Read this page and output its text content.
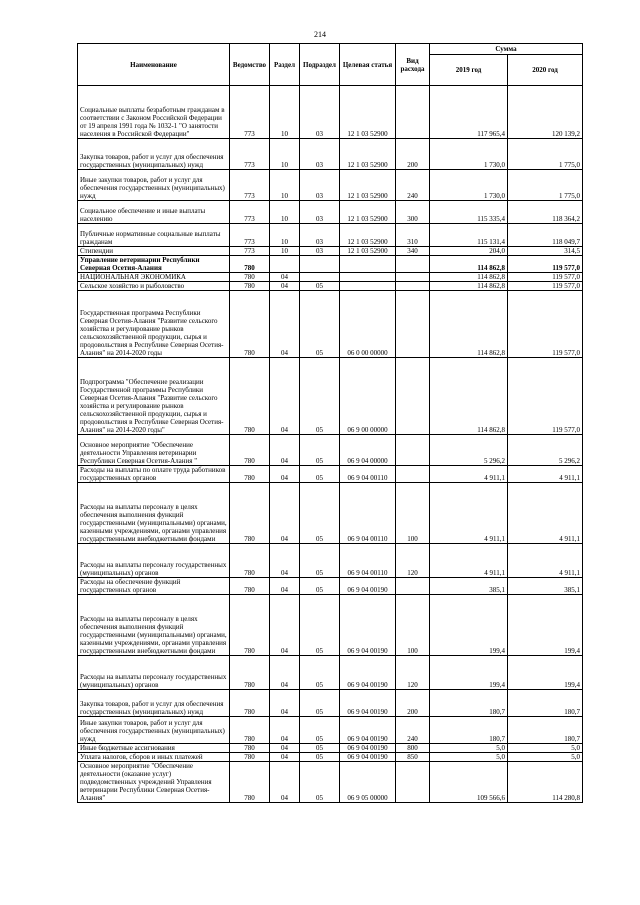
214
Наименование	Ведомство	Раздел	Подраздел	Целевая статья	Вид расхода	Сумма	
						2019 год	2020 год
Социальные выплаты безработным гражданам в соответствии с Законом Российской Федерации от 19 апреля 1991 года № 1032-1 "О занятости населения в Российской Федерации"	773	10	03	12 1 03 52900		117 965,4	120 139,2
Закупка товаров, работ и услуг для обеспечения государственных (муниципальных) нужд	773	10	03	12 1 03 52900	200	1 730,0	1 775,0
Иные закупки товаров, работ и услуг для обеспечения государственных (муниципальных) нужд	773	10	03	12 1 03 52900	240	1 730,0	1 775,0
Социальное обеспечение и иные выплаты населению	773	10	03	12 1 03 52900	300	115 335,4	118 364,2
Публичные нормативные социальные выплаты гражданам	773	10	03	12 1 03 52900	310	115 131,4	118 049,7
Стипендии	773	10	03	12 1 03 52900	340	204,0	314,5
Управление ветеринарии Республики Северная Осетия-Алания	780					114 862,8	119 577,0
НАЦИОНАЛЬНАЯ ЭКОНОМИКА	780	04				114 862,8	119 577,0
Сельское хозяйство и рыболовство	780	04	05			114 862,8	119 577,0
Государственная программа Республики Северная Осетия-Алания "Развитие сельского хозяйства и регулирование рынков сельскохозяйственной продукции, сырья и продовольствия в Республике Северная Осетия-Алания" на 2014-2020 годы	780	04	05	06 0 00 00000		114 862,8	119 577,0
Подпрограмма "Обеспечение реализации Государственной программы Республики Северная Осетия-Алания "Развитие сельского хозяйства и регулирование рынков сельскохозяйственной продукции, сырья и продовольствия в Республике Северная Осетия-Алания" на 2014-2020 годы"	780	04	05	06 9 00 00000		114 862,8	119 577,0
Основное мероприятие "Обеспечение деятельности Управления ветеринарии Республики Северная Осетия-Алания "	780	04	05	06 9 04 00000		5 296,2	5 296,2
Расходы на выплаты по оплате труда работников государственных органов	780	04	05	06 9 04 00110		4 911,1	4 911,1
Расходы на выплаты персоналу в целях обеспечения выполнения функций государственными (муниципальными) органами, казенными учреждениями, органами управления государственными внебюджетными фондами	780	04	05	06 9 04 00110	100	4 911,1	4 911,1
Расходы на выплаты персоналу государственных (муниципальных) органов	780	04	05	06 9 04 00110	120	4 911,1	4 911,1
Расходы на обеспечение функций государственных органов	780	04	05	06 9 04 00190		385,1	385,1
Расходы на выплаты персоналу в целях обеспечения выполнения функций государственными (муниципальными) органами, казенными учреждениями, органами управления государственными внебюджетными фондами	780	04	05	06 9 04 00190	100	199,4	199,4
Расходы на выплаты персоналу государственных (муниципальных) органов	780	04	05	06 9 04 00190	120	199,4	199,4
Закупка товаров, работ и услуг для обеспечения государственных (муниципальных) нужд	780	04	05	06 9 04 00190	200	180,7	180,7
Иные закупки товаров, работ и услуг для обеспечения государственных (муниципальных) нужд	780	04	05	06 9 04 00190	240	180,7	180,7
Иные бюджетные ассигнования	780	04	05	06 9 04 00190	800	5,0	5,0
Уплата налогов, сборов и иных платежей	780	04	05	06 9 04 00190	850	5,0	5,0
Основное мероприятие "Обеспечение деятельности (оказание услуг) подведомственных учреждений Управления ветеринарии Республики Северная Осетия-Алания"	780	04	05	06 9 05 00000		109 566,6	114 280,8
